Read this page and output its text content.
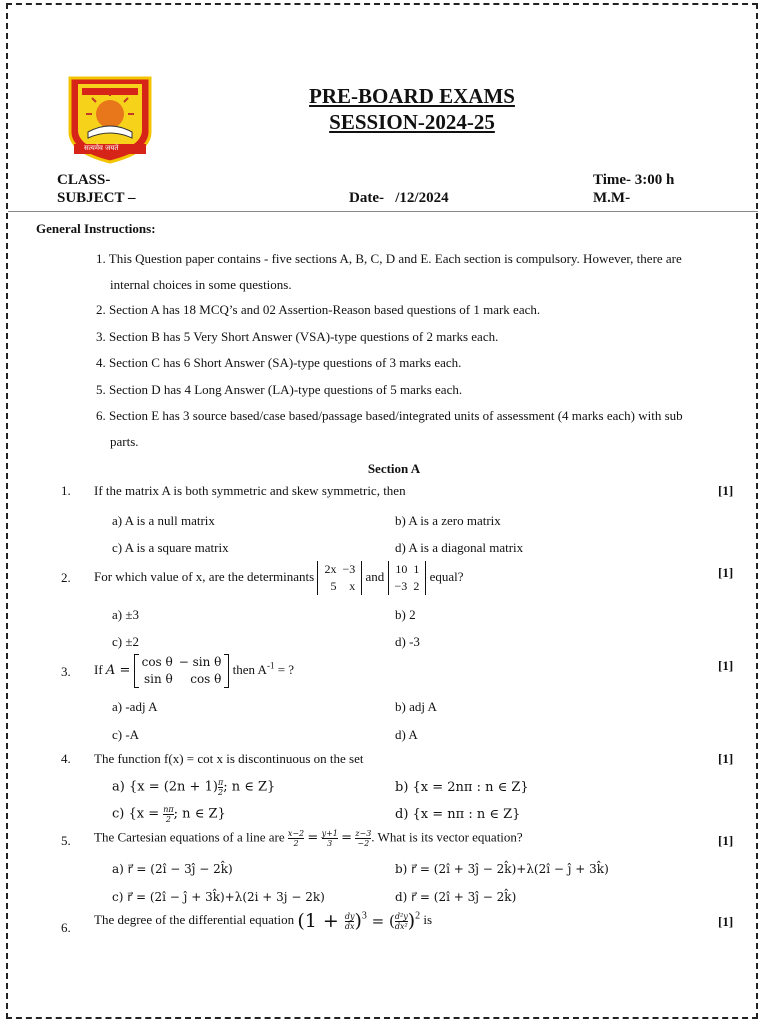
सत्यमेव जयते
PRE-BOARD EXAMS
SESSION-2024-25
CLASS-
SUBJECT –	Date-   /12/2024
Time- 3:00 h
M.M-
General Instructions:
1. This Question paper contains - five sections A, B, C, D and E. Each section is compulsory. However, there are
internal choices in some questions.
2. Section A has 18 MCQ’s and 02 Assertion-Reason based questions of 1 mark each.
3. Section B has 5 Very Short Answer (VSA)-type questions of 2 marks each.
4. Section C has 6 Short Answer (SA)-type questions of 3 marks each.
5. Section D has 4 Long Answer (LA)-type questions of 5 marks each.
6. Section E has 3 source based/case based/passage based/integrated units of assessment (4 marks each) with sub
parts.
Section A
1. If the matrix A is both symmetric and skew symmetric, then	[1]
a) A is a null matrix	b) A is a zero matrix
c) A is a square matrix	d) A is a diagonal matrix
2. For which value of x, are the determinants 2x	−3
5	x
and 10	1
−3	2
equal?	[1]
a) ±3	b) 2
c) ±2	d) -3
3. If A =
cos θ	− sin θ
sin θ	cos θ
then $A^{-1}$ = ?	[1]
a) -adj A	b) adj A
c) -A	d) A
4. The function f(x) = cot x is discontinuous on the set	[1]
a) {$x = (2n + 1) \frac{\pi}{2}$ ; n ∈ Z}	b) {x = 2nπ : n ∈ Z}
c) {$x = \frac{n\pi}{2}$ ; n ∈ Z}	d) {x = nπ : n ∈ Z}
5. The Cartesian equations of a line are $\frac{x-2}{2} = \frac{y+1}{3} = \frac{z-3}{-2}$ . What is its vector equation?	[1]
a) r⃗ = (2î − 3ĵ − 2k̂)	b) r⃗ = (2î + 3ĵ − 2k̂)+λ(2î − ĵ + 3k̂)
c) r⃗ = (2î − ĵ + 3k̂)+λ(2i + 3j − 2k)	d) r⃗ = (2î + 3ĵ − 2k̂)
6.
The degree of the differential equation $(1 + \frac{dy}{dx} )^3$ = ( $\frac{\text{d²y}}{\text{dx²}} )^2$ is	[1]
